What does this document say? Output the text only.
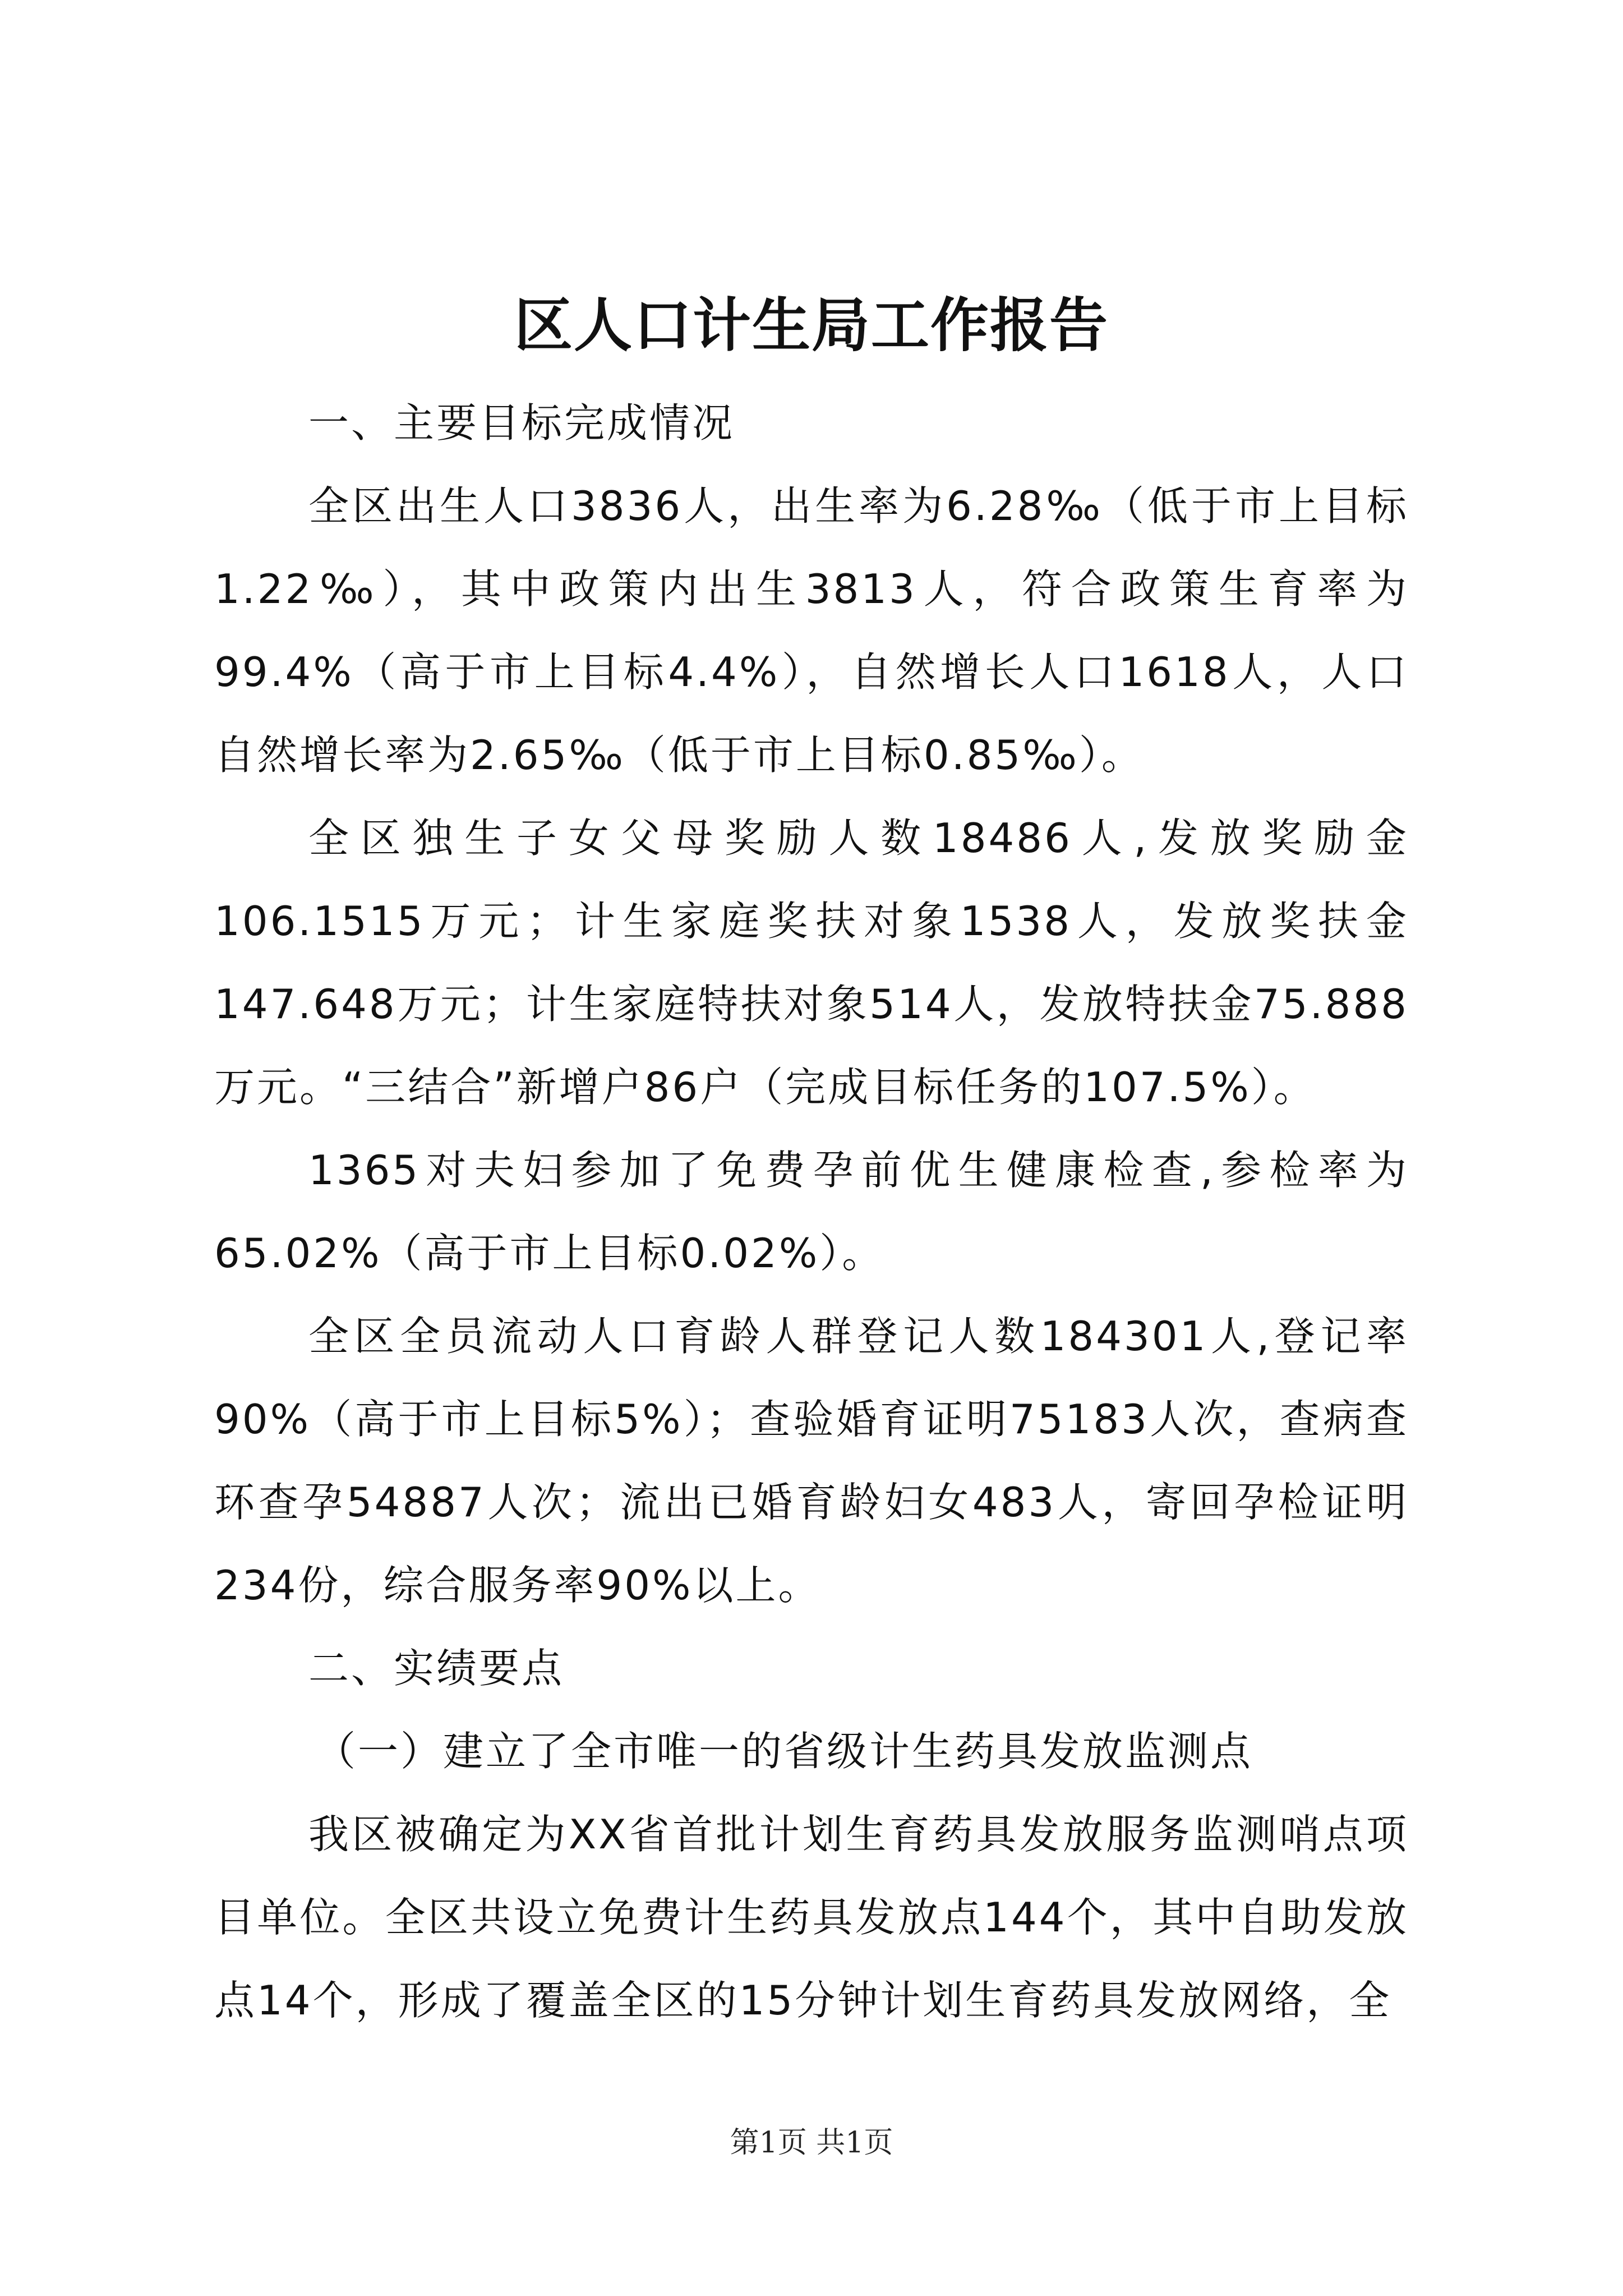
区人口计生局工作报告

一、主要目标完成情况

全区出生人口3836人，出生率为6.28‰（低于市上目标1.22‰），其中政策内出生3813人，符合政策生育率为99.4%（高于市上目标4.4%），自然增长人口1618人，人口自然增长率为2.65‰（低于市上目标0.85‰）。

全区独生子女父母奖励人数18486人,发放奖励金106.1515万元；计生家庭奖扶对象1538人，发放奖扶金147.648万元；计生家庭特扶对象514人，发放特扶金75.888万元。“三结合”新增户86户（完成目标任务的107.5%）。

1365对夫妇参加了免费孕前优生健康检查,参检率为65.02%（高于市上目标0.02%）。

全区全员流动人口育龄人群登记人数184301人,登记率90%（高于市上目标5%）；查验婚育证明75183人次，查病查环查孕54887人次；流出已婚育龄妇女483人，寄回孕检证明234份，综合服务率90%以上。

二、实绩要点

（一）建立了全市唯一的省级计生药具发放监测点

我区被确定为XX省首批计划生育药具发放服务监测哨点项目单位。全区共设立免费计生药具发放点144个，其中自助发放点14个，形成了覆盖全区的15分钟计划生育药具发放网络，全

第1页 共1页
